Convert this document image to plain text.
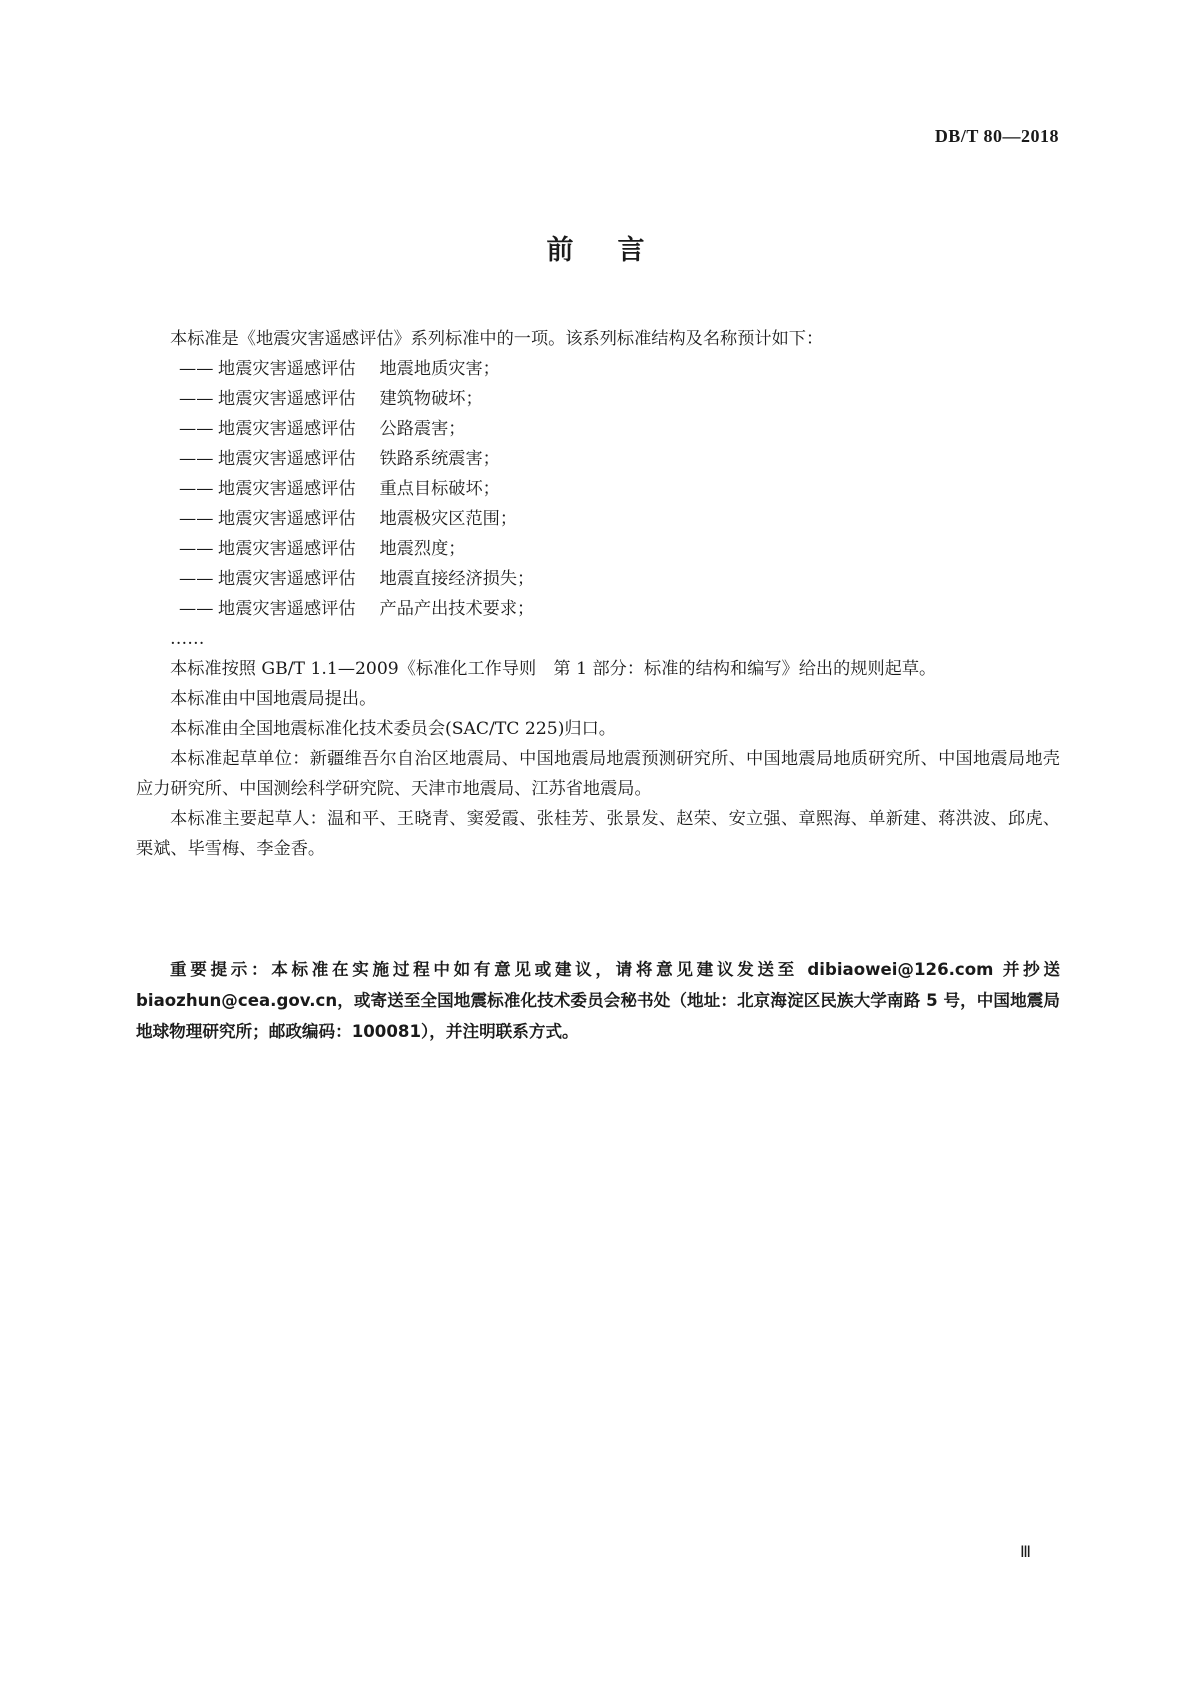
DB/T 80—2018
前言

本标准是《地震灾害遥感评估》系列标准中的一项。该系列标准结构及名称预计如下：

—— 地震灾害遥感评估 地震地质灾害；

—— 地震灾害遥感评估 建筑物破坏；

—— 地震灾害遥感评估 公路震害；

—— 地震灾害遥感评估 铁路系统震害；

—— 地震灾害遥感评估 重点目标破坏；

—— 地震灾害遥感评估 地震极灾区范围；

—— 地震灾害遥感评估 地震烈度；

—— 地震灾害遥感评估 地震直接经济损失；

—— 地震灾害遥感评估 产品产出技术要求；

……

本标准按照 GB/T 1.1—2009《标准化工作导则　第 1 部分：标准的结构和编写》给出的规则起草。

本标准由中国地震局提出。

本标准由全国地震标准化技术委员会(SAC/TC 225)归口。

本标准起草单位：新疆维吾尔自治区地震局、中国地震局地震预测研究所、中国地震局地质研究所、中国地震局地壳应力研究所、中国测绘科学研究院、天津市地震局、江苏省地震局。

本标准主要起草人：温和平、王晓青、窦爱霞、张桂芳、张景发、赵荣、安立强、章熙海、单新建、蒋洪波、邱虎、栗斌、毕雪梅、李金香。

重要提示：本标准在实施过程中如有意见或建议，请将意见建议发送至 dibiaowei@126.com 并抄送biaozhun@cea.gov.cn，或寄送至全国地震标准化技术委员会秘书处（地址：北京海淀区民族大学南路 5 号，中国地震局地球物理研究所；邮政编码：100081），并注明联系方式。

Ⅲ
